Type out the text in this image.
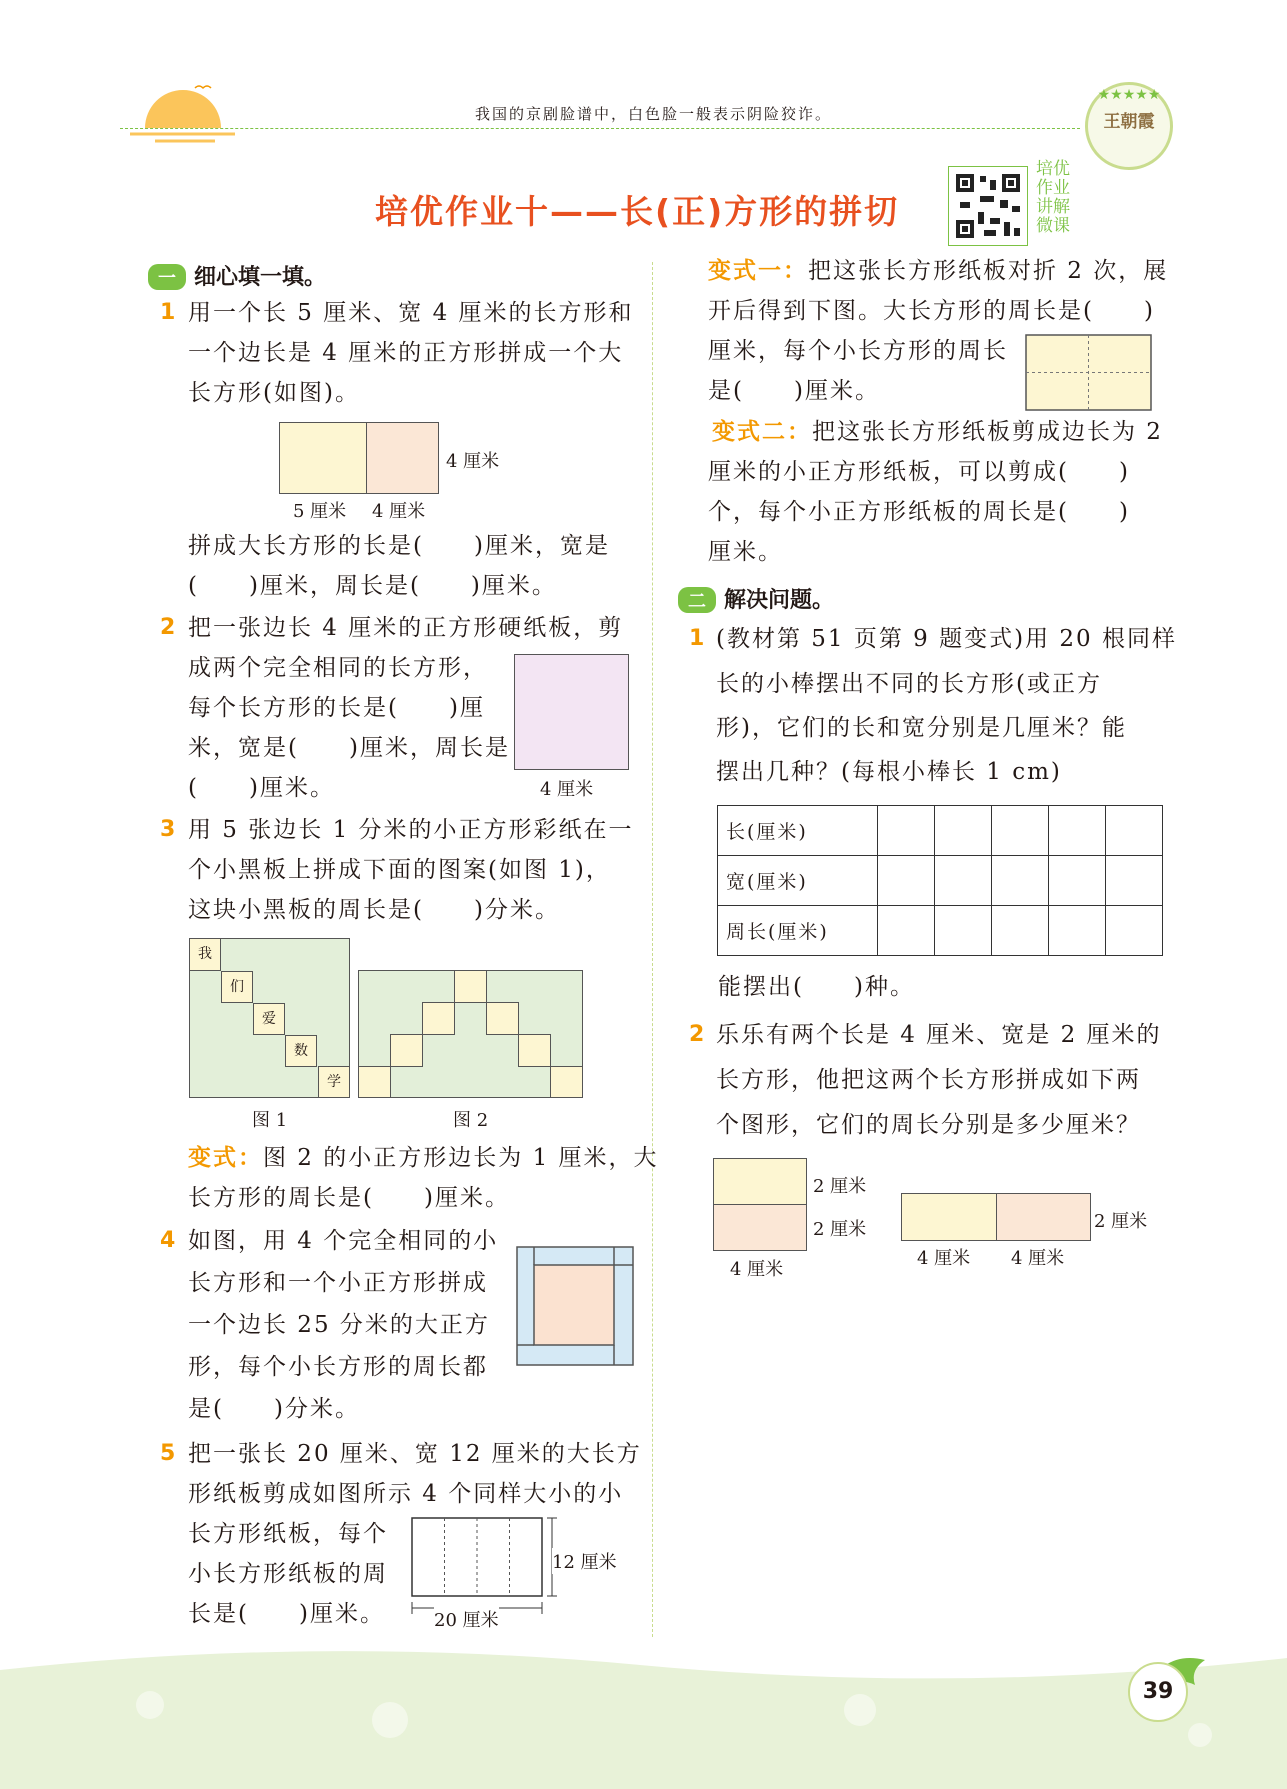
我国的京剧脸谱中，白色脸一般表示阴险狡诈。
★★★★★
王朝霞
培优作业十——长(正)方形的拼切
培优作业讲解微课
一 细心填一填。
1 用一个长 5 厘米、宽 4 厘米的长方形和
一个边长是 4 厘米的正方形拼成一个大
长方形(如图)。
4 厘米
5 厘米 4 厘米
拼成大长方形的长是(　　)厘米，宽是
(　　)厘米，周长是(　　)厘米。
2 把一张边长 4 厘米的正方形硬纸板，剪
成两个完全相同的长方形，
每个长方形的长是(　　)厘
米，宽是(　　)厘米，周长是
(　　)厘米。	4 厘米
3 用 5 张边长 1 分米的小正方形彩纸在一
个小黑板上拼成下面的图案(如图 1)，
这块小黑板的周长是(　　)分米。
我
们
爱
数
学
图 1	图 2
变式：图 2 的小正方形边长为 1 厘米，大
长方形的周长是(　　)厘米。
4 如图，用 4 个完全相同的小
长方形和一个小正方形拼成
一个边长 25 分米的大正方
形，每个小长方形的周长都
是(　　)分米。
5 把一张长 20 厘米、宽 12 厘米的大长方
形纸板剪成如图所示 4 个同样大小的小
长方形纸板，每个
小长方形纸板的周
长是(　　)厘米。
12 厘米
20 厘米
变式一：把这张长方形纸板对折 2 次，展
开后得到下图。大长方形的周长是(　　)
厘米，每个小长方形的周长
是(　　)厘米。
变式二：把这张长方形纸板剪成边长为 2
厘米的小正方形纸板，可以剪成(　　)
个，每个小正方形纸板的周长是(　　)
厘米。
二 解决问题。
1 (教材第 51 页第 9 题变式)用 20 根同样
长的小棒摆出不同的长方形(或正方
形)，它们的长和宽分别是几厘米？能
摆出几种？(每根小棒长 1 cm)
长(厘米)					
宽(厘米)					
周长(厘米)					
能摆出(　　)种。
2 乐乐有两个长是 4 厘米、宽是 2 厘米的
长方形，他把这两个长方形拼成如下两
个图形，它们的周长分别是多少厘米？
2 厘米
2 厘米
4 厘米
2 厘米
4 厘米 4 厘米
39
